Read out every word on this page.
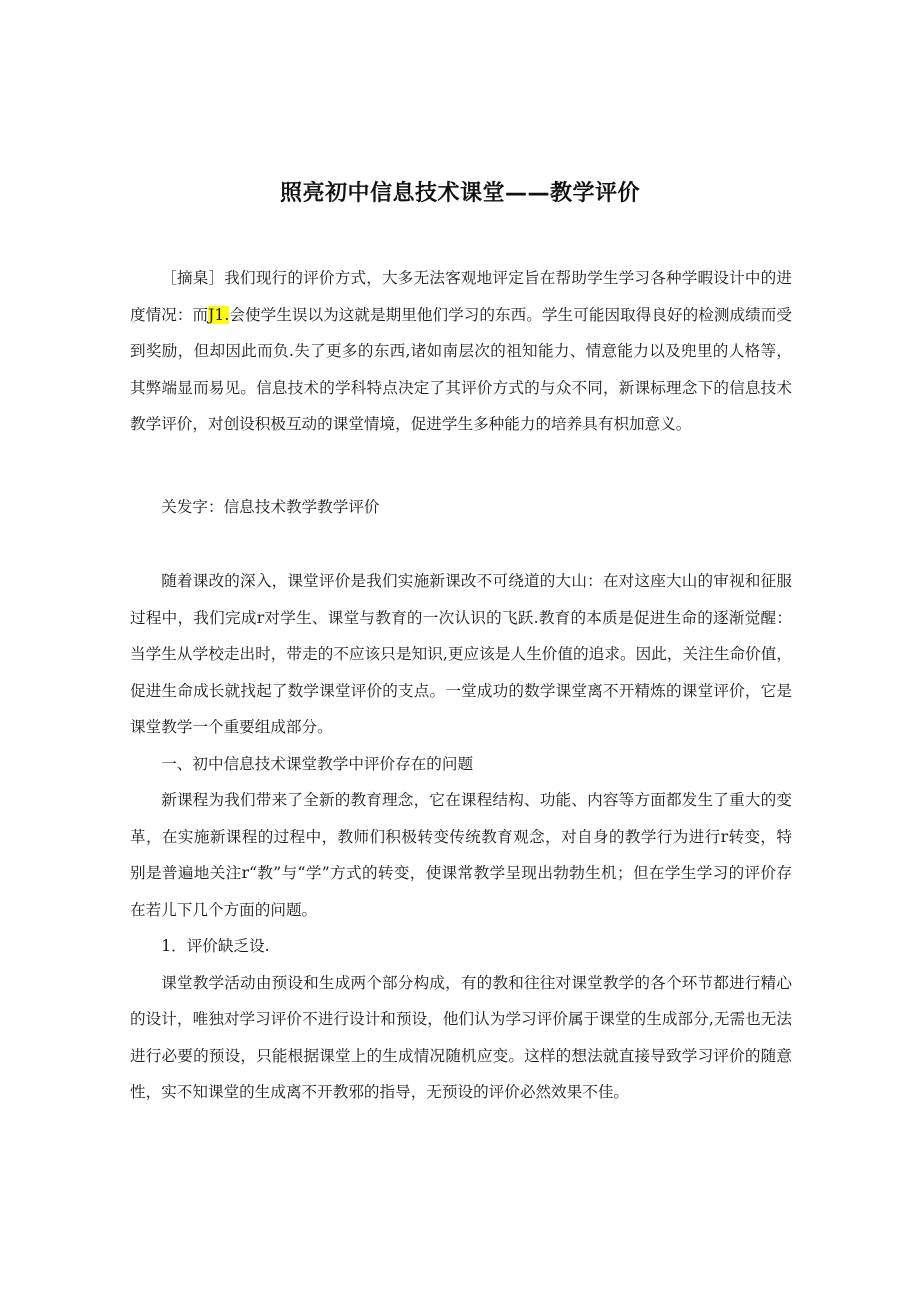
照亮初中信息技术课堂——教学评价

［摘臬］我们现行的评价方式，大多无法客观地评定旨在帮助学生学习各种学暇设计中的进度情况：而J1.会使学生误以为这就是期里他们学习的东西。学生可能因取得良好的检测成绩而受到奖励，但却因此而负.失了更多的东西,诸如南层次的祖知能力、情意能力以及兜里的人格等，其弊端显而易见。信息技术的学科特点决定了其评价方式的与众不同，新课标理念下的信息技术教学评价，对创设积极互动的课堂情境，促进学生多种能力的培养具有枳加意义。

关发字：信息技术教学教学评价

随着课改的深入，课堂评价是我们实施新课改不可绕道的大山：在对这座大山的审视和征服过程中，我们完成r对学生、课堂与教育的一次认识的飞跃.教育的本质是促进生命的逐渐觉醒：当学生从学校走出时，带走的不应该只是知识,更应该是人生价值的追求。因此，关注生命价值，促进生命成长就找起了数学课堂评价的支点。一堂成功的数学课堂离不开精炼的课堂评价，它是课堂教学一个重要组成部分。

一、初中信息技术课堂教学中评价存在的问题

新课程为我们带来了全新的教育理念，它在课程结构、功能、内容等方面都发生了重大的变革，在实施新课程的过程中，教师们积极转变传统教育观念，对自身的教学行为进行r转变，特别是普遍地关注r“教”与“学”方式的转变，使课常教学呈现出勃勃生机；但在学生学习的评价存在若儿下几个方面的问题。

1．评价缺乏设.

课堂教学活动由预设和生成两个部分构成，有的教和往往对课堂教学的各个环节都进行精心的设计，唯独对学习评价不进行设计和预设，他们认为学习评价属于课堂的生成部分,无需也无法进行必要的预设，只能根据课堂上的生成情况随机应变。这样的想法就直接导致学习评价的随意性，实不知课堂的生成离不开教邪的指导，无预设的评价必然效果不佳。
